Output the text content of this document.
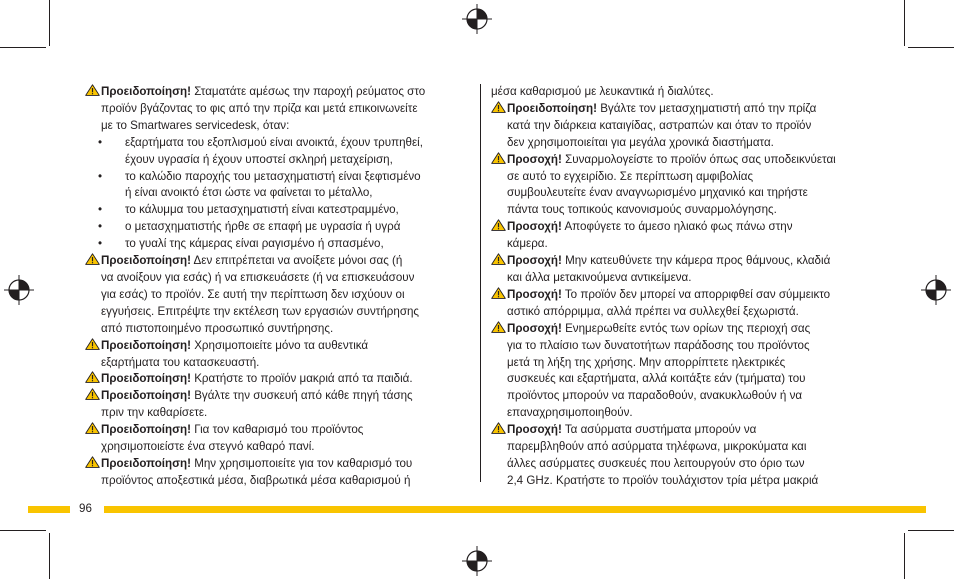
Προειδοποίηση! Σταματάτε αμέσως την παροχή ρεύματος στο
προϊόν βγάζοντας το φις από την πρίζα και μετά επικοινωνείτε
με το Smartwares servicedesk, όταν:
•	εξαρτήματα του εξοπλισμού είναι ανοικτά, έχουν τρυπηθεί,
έχουν υγρασία ή έχουν υποστεί σκληρή μεταχείριση,
•	το καλώδιο παροχής του μετασχηματιστή είναι ξεφτισμένο
ή είναι ανοικτό έτσι ώστε να φαίνεται το μέταλλο,
•	το κάλυμμα του μετασχηματιστή είναι κατεστραμμένο,
•	ο μετασχηματιστής ήρθε σε επαφή με υγρασία ή υγρά
•	το γυαλί της κάμερας είναι ραγισμένο ή σπασμένο,
Προειδοποίηση! Δεν επιτρέπεται να ανοίξετε μόνοι σας (ή
να ανοίξουν για εσάς) ή να επισκευάσετε (ή να επισκευάσουν
για εσάς) το προϊόν. Σε αυτή την περίπτωση δεν ισχύουν οι
εγγυήσεις. Επιτρέψτε την εκτέλεση των εργασιών συντήρησης
από πιστοποιημένο προσωπικό συντήρησης.
Προειδοποίηση! Χρησιμοποιείτε μόνο τα αυθεντικά
εξαρτήματα του κατασκευαστή.
Προειδοποίηση! Κρατήστε το προϊόν μακριά από τα παιδιά.
Προειδοποίηση! Βγάλτε την συσκευή από κάθε πηγή τάσης
πριν την καθαρίσετε.
Προειδοποίηση! Για τον καθαρισμό του προϊόντος
χρησιμοποιείστε ένα στεγνό καθαρό πανί.
Προειδοποίηση! Μην χρησιμοποιείτε για τον καθαρισμό του
προϊόντος αποξεστικά μέσα, διαβρωτικά μέσα καθαρισμού ή
μέσα καθαρισμού με λευκαντικά ή διαλύτες.
Προειδοποίηση! Βγάλτε τον μετασχηματιστή από την πρίζα
κατά την διάρκεια καταιγίδας, αστραπών και όταν το προϊόν
δεν χρησιμοποιείται για μεγάλα χρονικά διαστήματα.
Προσοχή! Συναρμολογείστε το προϊόν όπως σας υποδεικνύεται
σε αυτό το εγχειρίδιο. Σε περίπτωση αμφιβολίας
συμβουλευτείτε έναν αναγνωρισμένο μηχανικό και τηρήστε
πάντα τους τοπικούς κανονισμούς συναρμολόγησης.
Προσοχή! Αποφύγετε το άμεσο ηλιακό φως πάνω στην
κάμερα.
Προσοχή! Μην κατευθύνετε την κάμερα προς θάμνους, κλαδιά
και άλλα μετακινούμενα αντικείμενα.
Προσοχή! Το προϊόν δεν μπορεί να απορριφθεί σαν σύμμεικτο
αστικό απόρριμμα, αλλά πρέπει να συλλεχθεί ξεχωριστά.
Προσοχή! Ενημερωθείτε εντός των ορίων της περιοχή σας
για το πλαίσιο των δυνατοτήτων παράδοσης του προϊόντος
μετά τη λήξη της χρήσης. Μην απορρίπτετε ηλεκτρικές
συσκευές και εξαρτήματα, αλλά κοιτάξτε εάν (τμήματα) του
προϊόντος μπορούν να παραδοθούν, ανακυκλωθούν ή να
επαναχρησιμοποιηθούν.
Προσοχή! Τα ασύρματα συστήματα μπορούν να
παρεμβληθούν από ασύρματα τηλέφωνα, μικροκύματα και
άλλες ασύρματες συσκευές που λειτουργούν στο όριο των
2,4 GHz. Κρατήστε το προϊόν τουλάχιστον τρία μέτρα μακριά
96
